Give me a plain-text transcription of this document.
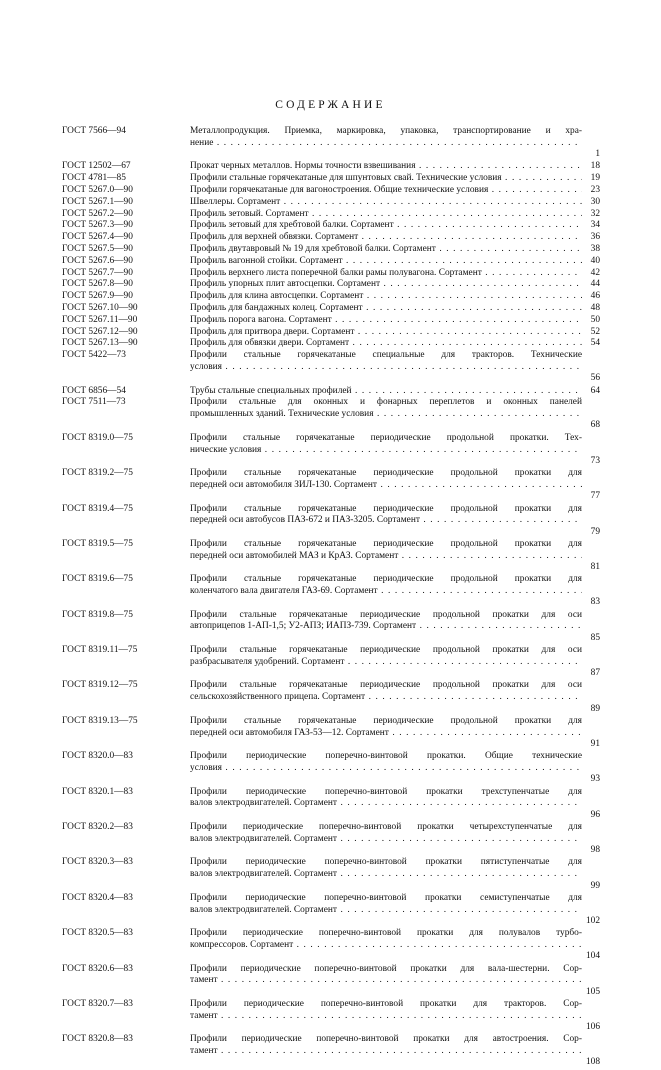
СОДЕРЖАНИЕ
ГОСТ 7566—94	Металлопродукция. Приемка, маркировка, упаковка, транспортирование и хра-
нение . . .
1
ГОСТ 12502—67	Прокат черных металлов. Нормы точности взвешивания . . .	18
ГОСТ 4781—85	Профили стальные горячекатаные для шпунтовых свай. Технические условия . . .	19
ГОСТ 5267.0—90	Профили горячекатаные для вагоностроения. Общие технические условия . . .	23
ГОСТ 5267.1—90	Швеллеры. Сортамент . . .	30
ГОСТ 5267.2—90	Профиль зетовый. Сортамент . . .	32
ГОСТ 5267.3—90	Профиль зетовый для хребтовой балки. Сортамент . . .	34
ГОСТ 5267.4—90	Профиль для верхней обвязки. Сортамент . . .	36
ГОСТ 5267.5—90	Профиль двутавровый № 19 для хребтовой балки. Сортамент . . .	38
ГОСТ 5267.6—90	Профиль вагонной стойки. Сортамент . . .	40
ГОСТ 5267.7—90	Профиль верхнего листа поперечной балки рамы полувагона. Сортамент . . .	42
ГОСТ 5267.8—90	Профиль упорных плит автосцепки. Сортамент . . .	44
ГОСТ 5267.9—90	Профиль для клина автосцепки. Сортамент . . .	46
ГОСТ 5267.10—90	Профиль для бандажных колец. Сортамент . . .	48
ГОСТ 5267.11—90	Профиль порога вагона. Сортамент . . .	50
ГОСТ 5267.12—90	Профиль для притвора двери. Сортамент . . .	52
ГОСТ 5267.13—90	Профиль для обвязки двери. Сортамент . . .	54
ГОСТ 5422—73	Профили стальные горячекатаные специальные для тракторов. Технические
условия . . .
56
ГОСТ 6856—54	Трубы стальные специальных профилей . . .	64
ГОСТ 7511—73	Профили стальные для оконных и фонарных переплетов и оконных панелей
промышленных зданий. Технические условия . . .
68
ГОСТ 8319.0—75	Профили стальные горячекатаные периодические продольной прокатки. Тех-
нические условия . . .
73
ГОСТ 8319.2—75	Профили стальные горячекатаные периодические продольной прокатки для
передней оси автомобиля ЗИЛ-130. Сортамент . . .
77
ГОСТ 8319.4—75	Профили стальные горячекатаные периодические продольной прокатки для
передней оси автобусов ПАЗ-672 и ПАЗ-3205. Сортамент . . .
79
ГОСТ 8319.5—75	Профили стальные горячекатаные периодические продольной прокатки для
передней оси автомобилей МАЗ и КрАЗ. Сортамент . . .
81
ГОСТ 8319.6—75	Профили стальные горячекатаные периодические продольной прокатки для
коленчатого вала двигателя ГАЗ-69. Сортамент . . .
83
ГОСТ 8319.8—75	Профили стальные горячекатаные периодические продольной прокатки для оси
автоприцепов 1-АП-1,5; У2-АПЗ; ИАПЗ-739. Сортамент . . .
85
ГОСТ 8319.11—75	Профили стальные горячекатаные периодические продольной прокатки для оси
разбрасывателя удобрений. Сортамент . . .
87
ГОСТ 8319.12—75	Профили стальные горячекатаные периодические продольной прокатки для оси
сельскохозяйственного прицепа. Сортамент . . .
89
ГОСТ 8319.13—75	Профили стальные горячекатаные периодические продольной прокатки для
передней оси автомобиля ГАЗ-53—12. Сортамент . . .
91
ГОСТ 8320.0—83	Профили периодические поперечно-винтовой прокатки. Общие технические
условия . . .
93
ГОСТ 8320.1—83	Профили периодические поперечно-винтовой прокатки трехступенчатые для
валов электродвигателей. Сортамент . . .
96
ГОСТ 8320.2—83	Профили периодические поперечно-винтовой прокатки четырехступенчатые для
валов электродвигателей. Сортамент . . .
98
ГОСТ 8320.3—83	Профили периодические поперечно-винтовой прокатки пятиступенчатые для
валов электродвигателей. Сортамент . . .
99
ГОСТ 8320.4—83	Профили периодические поперечно-винтовой прокатки семиступенчатые для
валов электродвигателей. Сортамент . . .
102
ГОСТ 8320.5—83	Профили периодические поперечно-винтовой прокатки для полувалов турбо-
компрессоров. Сортамент . . .
104
ГОСТ 8320.6—83	Профили периодические поперечно-винтовой прокатки для вала-шестерни. Сор-
тамент . . .
105
ГОСТ 8320.7—83	Профили периодические поперечно-винтовой прокатки для тракторов. Сор-
тамент . . .
106
ГОСТ 8320.8—83	Профили периодические поперечно-винтовой прокатки для автостроения. Сор-
тамент . . .
108
